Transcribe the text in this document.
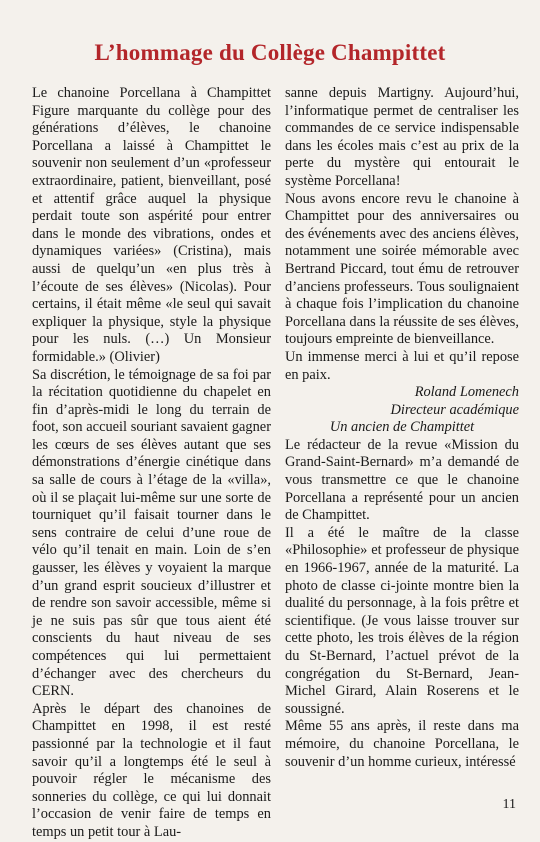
L’hommage du Collège Champittet

Le chanoine Porcellana à Champittet Figure marquante du collège pour des générations d’élèves, le chanoine Porcellana a laissé à Champittet le souvenir non seulement d’un «professeur extraordinaire, patient, bienveillant, posé et attentif grâce auquel la physique perdait toute son aspérité pour entrer dans le monde des vibrations, ondes et dynamiques variées» (Cristina), mais aussi de quelqu’un «en plus très à l’écoute de ses élèves» (Nicolas). Pour certains, il était même «le seul qui savait expliquer la physique, style la physique pour les nuls. (…) Un Monsieur formidable.» (Olivier)

Sa discrétion, le témoignage de sa foi par la récitation quotidienne du chapelet en fin d’après-midi le long du terrain de foot, son accueil souriant savaient gagner les cœurs de ses élèves autant que ses démonstrations d’énergie cinétique dans sa salle de cours à l’étage de la «villa», où il se plaçait lui-même sur une sorte de tourniquet qu’il faisait tourner dans le sens contraire de celui d’une roue de vélo qu’il tenait en main. Loin de s’en gausser, les élèves y voyaient la marque d’un grand esprit soucieux d’illustrer et de rendre son savoir accessible, même si je ne suis pas sûr que tous aient été conscients du haut niveau de ses compétences qui lui permettaient d’échanger avec des chercheurs du CERN.

Après le départ des chanoines de Champittet en 1998, il est resté passionné par la technologie et il faut savoir qu’il a longtemps été le seul à pouvoir régler le mécanisme des sonneries du collège, ce qui lui donnait l’occasion de venir faire de temps en temps un petit tour à Lau-

sanne depuis Martigny. Aujourd’hui, l’informatique permet de centraliser les commandes de ce service indispensable dans les écoles mais c’est au prix de la perte du mystère qui entourait le système Porcellana!

Nous avons encore revu le chanoine à Champittet pour des anniversaires ou des événements avec des anciens élèves, notamment une soirée mémorable avec Bertrand Piccard, tout ému de retrouver d’anciens professeurs. Tous soulignaient à chaque fois l’implication du chanoine Porcellana dans la réussite de ses élèves, toujours empreinte de bienveillance.

Un immense merci à lui et qu’il repose en paix.

Roland Lomenech

Directeur académique

Un ancien de Champittet

Le rédacteur de la revue «Mission du Grand-Saint-Bernard» m’a demandé de vous transmettre ce que le chanoine Porcellana a représenté pour un ancien de Champittet.

Il a été le maître de la classe «Philosophie» et professeur de physique en 1966-1967, année de la maturité. La photo de classe ci-jointe montre bien la dualité du personnage, à la fois prêtre et scientifique. (Je vous laisse trouver sur cette photo, les trois élèves de la région du St-Bernard, l’actuel prévot de la congrégation du St-Bernard, Jean-Michel Girard, Alain Roserens et le soussigné.

Même 55 ans après, il reste dans ma mémoire, du chanoine Porcellana, le souvenir d’un homme curieux, intéressé

11
